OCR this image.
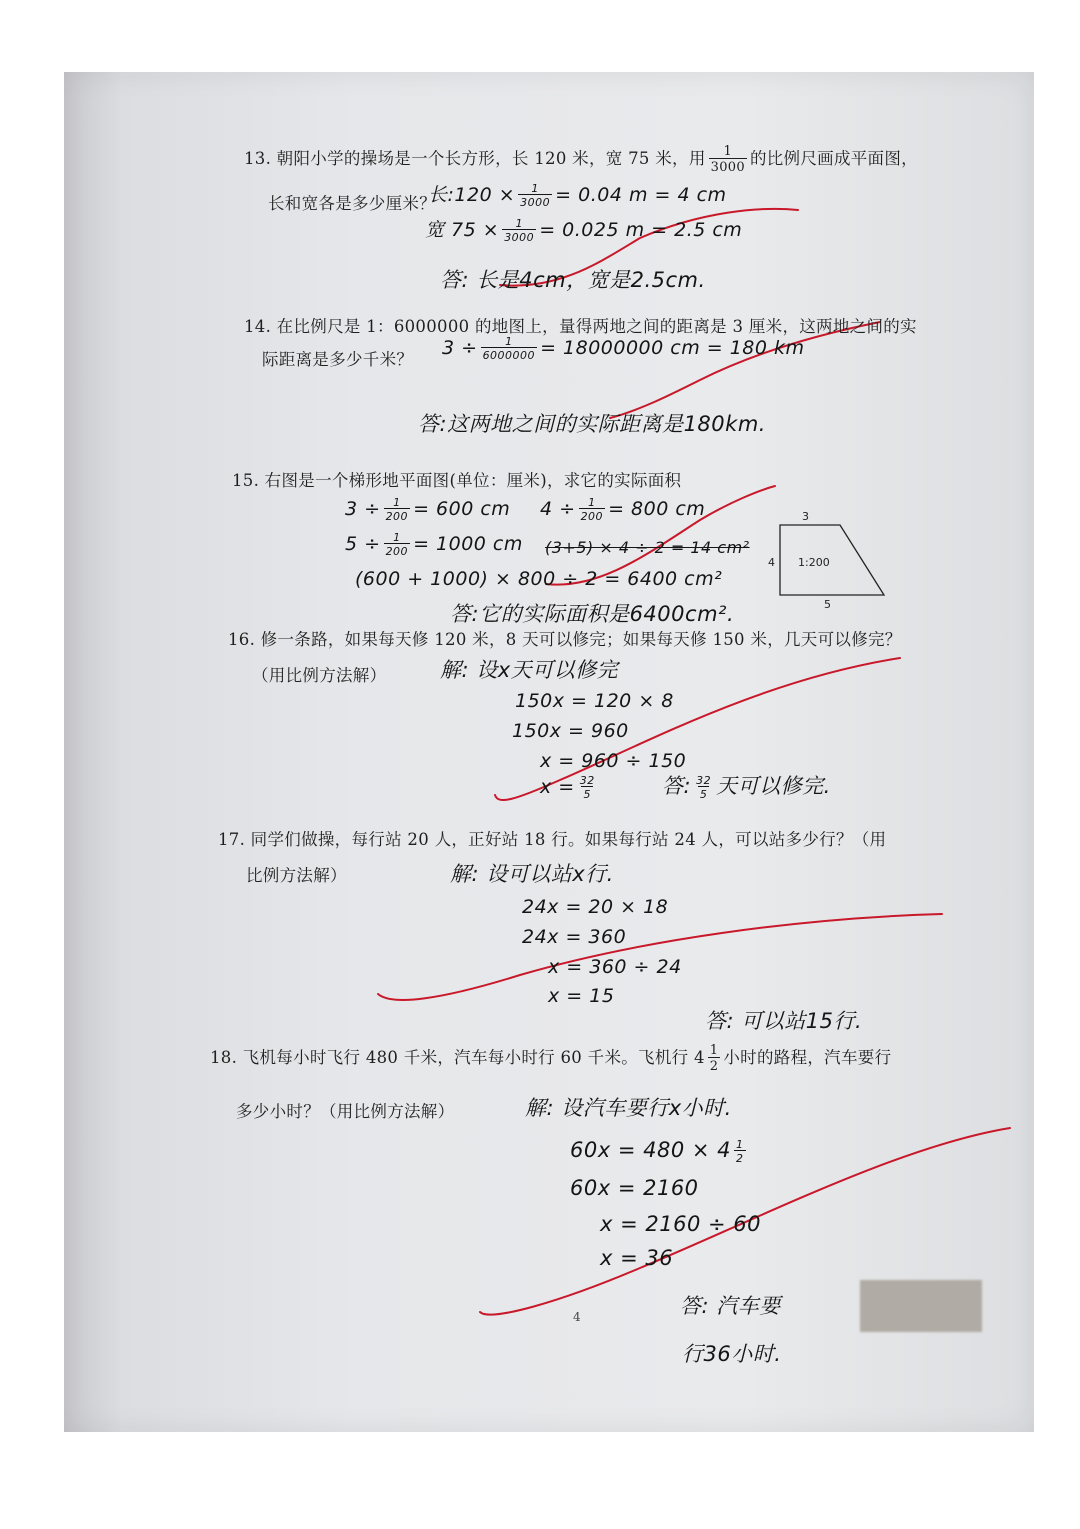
13. 朝阳小学的操场是一个长方形，长 120 米，宽 75 米，用 $\frac{1}{3000}$ 的比例尺画成平面图，
长和宽各是多少厘米？
长:120 × $\frac{1}{3000} = 0.04$ m = 4 cm
宽 $75 \times \frac{1}{3000} = 0.025$ m = 2.5 cm
答: 长是4cm，宽是2.5cm.
14. 在比例尺是 1：6000000 的地图上，量得两地之间的距离是 3 厘米，这两地之间的实
际距离是多少千米？
$3 \div \frac{1}{6000000} = 18000000$ cm = 180 km
答:这两地之间的实际距离是180km.
15. 右图是一个梯形地平面图(单位：厘米)，求它的实际面积
$3 \div \frac{1}{200} = 600$ cm $4 \div \frac{1}{200} = 800$ cm
$5 \div \frac{1}{200} = 1000$ cm (3+5) × 4 ÷ 2 = 14 cm²
(600 + 1000) × 800 ÷ 2 = 6400 cm²
答:它的实际面积是6400cm².
3
4
5
1:200
16. 修一条路，如果每天修 120 米，8 天可以修完；如果每天修 150 米，几天可以修完？
（用比例方法解）	解: 设x天可以修完
150x = 120 × 8
150x = 960
x = 960 ÷ 150
$x = \frac{32}{5}$	答: $\frac{32}{5}$ 天可以修完.
17. 同学们做操，每行站 20 人，正好站 18 行。如果每行站 24 人，可以站多少行？（用
比例方法解）	解: 设可以站x行.
24x = 20 × 18
24x = 360
x = 360 ÷ 24
x = 15
答: 可以站15行.
18. 飞机每小时飞行 480 千米，汽车每小时行 60 千米。飞机行 $4 \frac{1}{2}$ 小时的路程，汽车要行
多少小时？（用比例方法解）	解: 设汽车要行x小时.
$60x = 480 \times 4 \frac{1}{2}$
60x = 2160
x = 2160 ÷ 60
x = 36
答: 汽车要
行36小时.
4
